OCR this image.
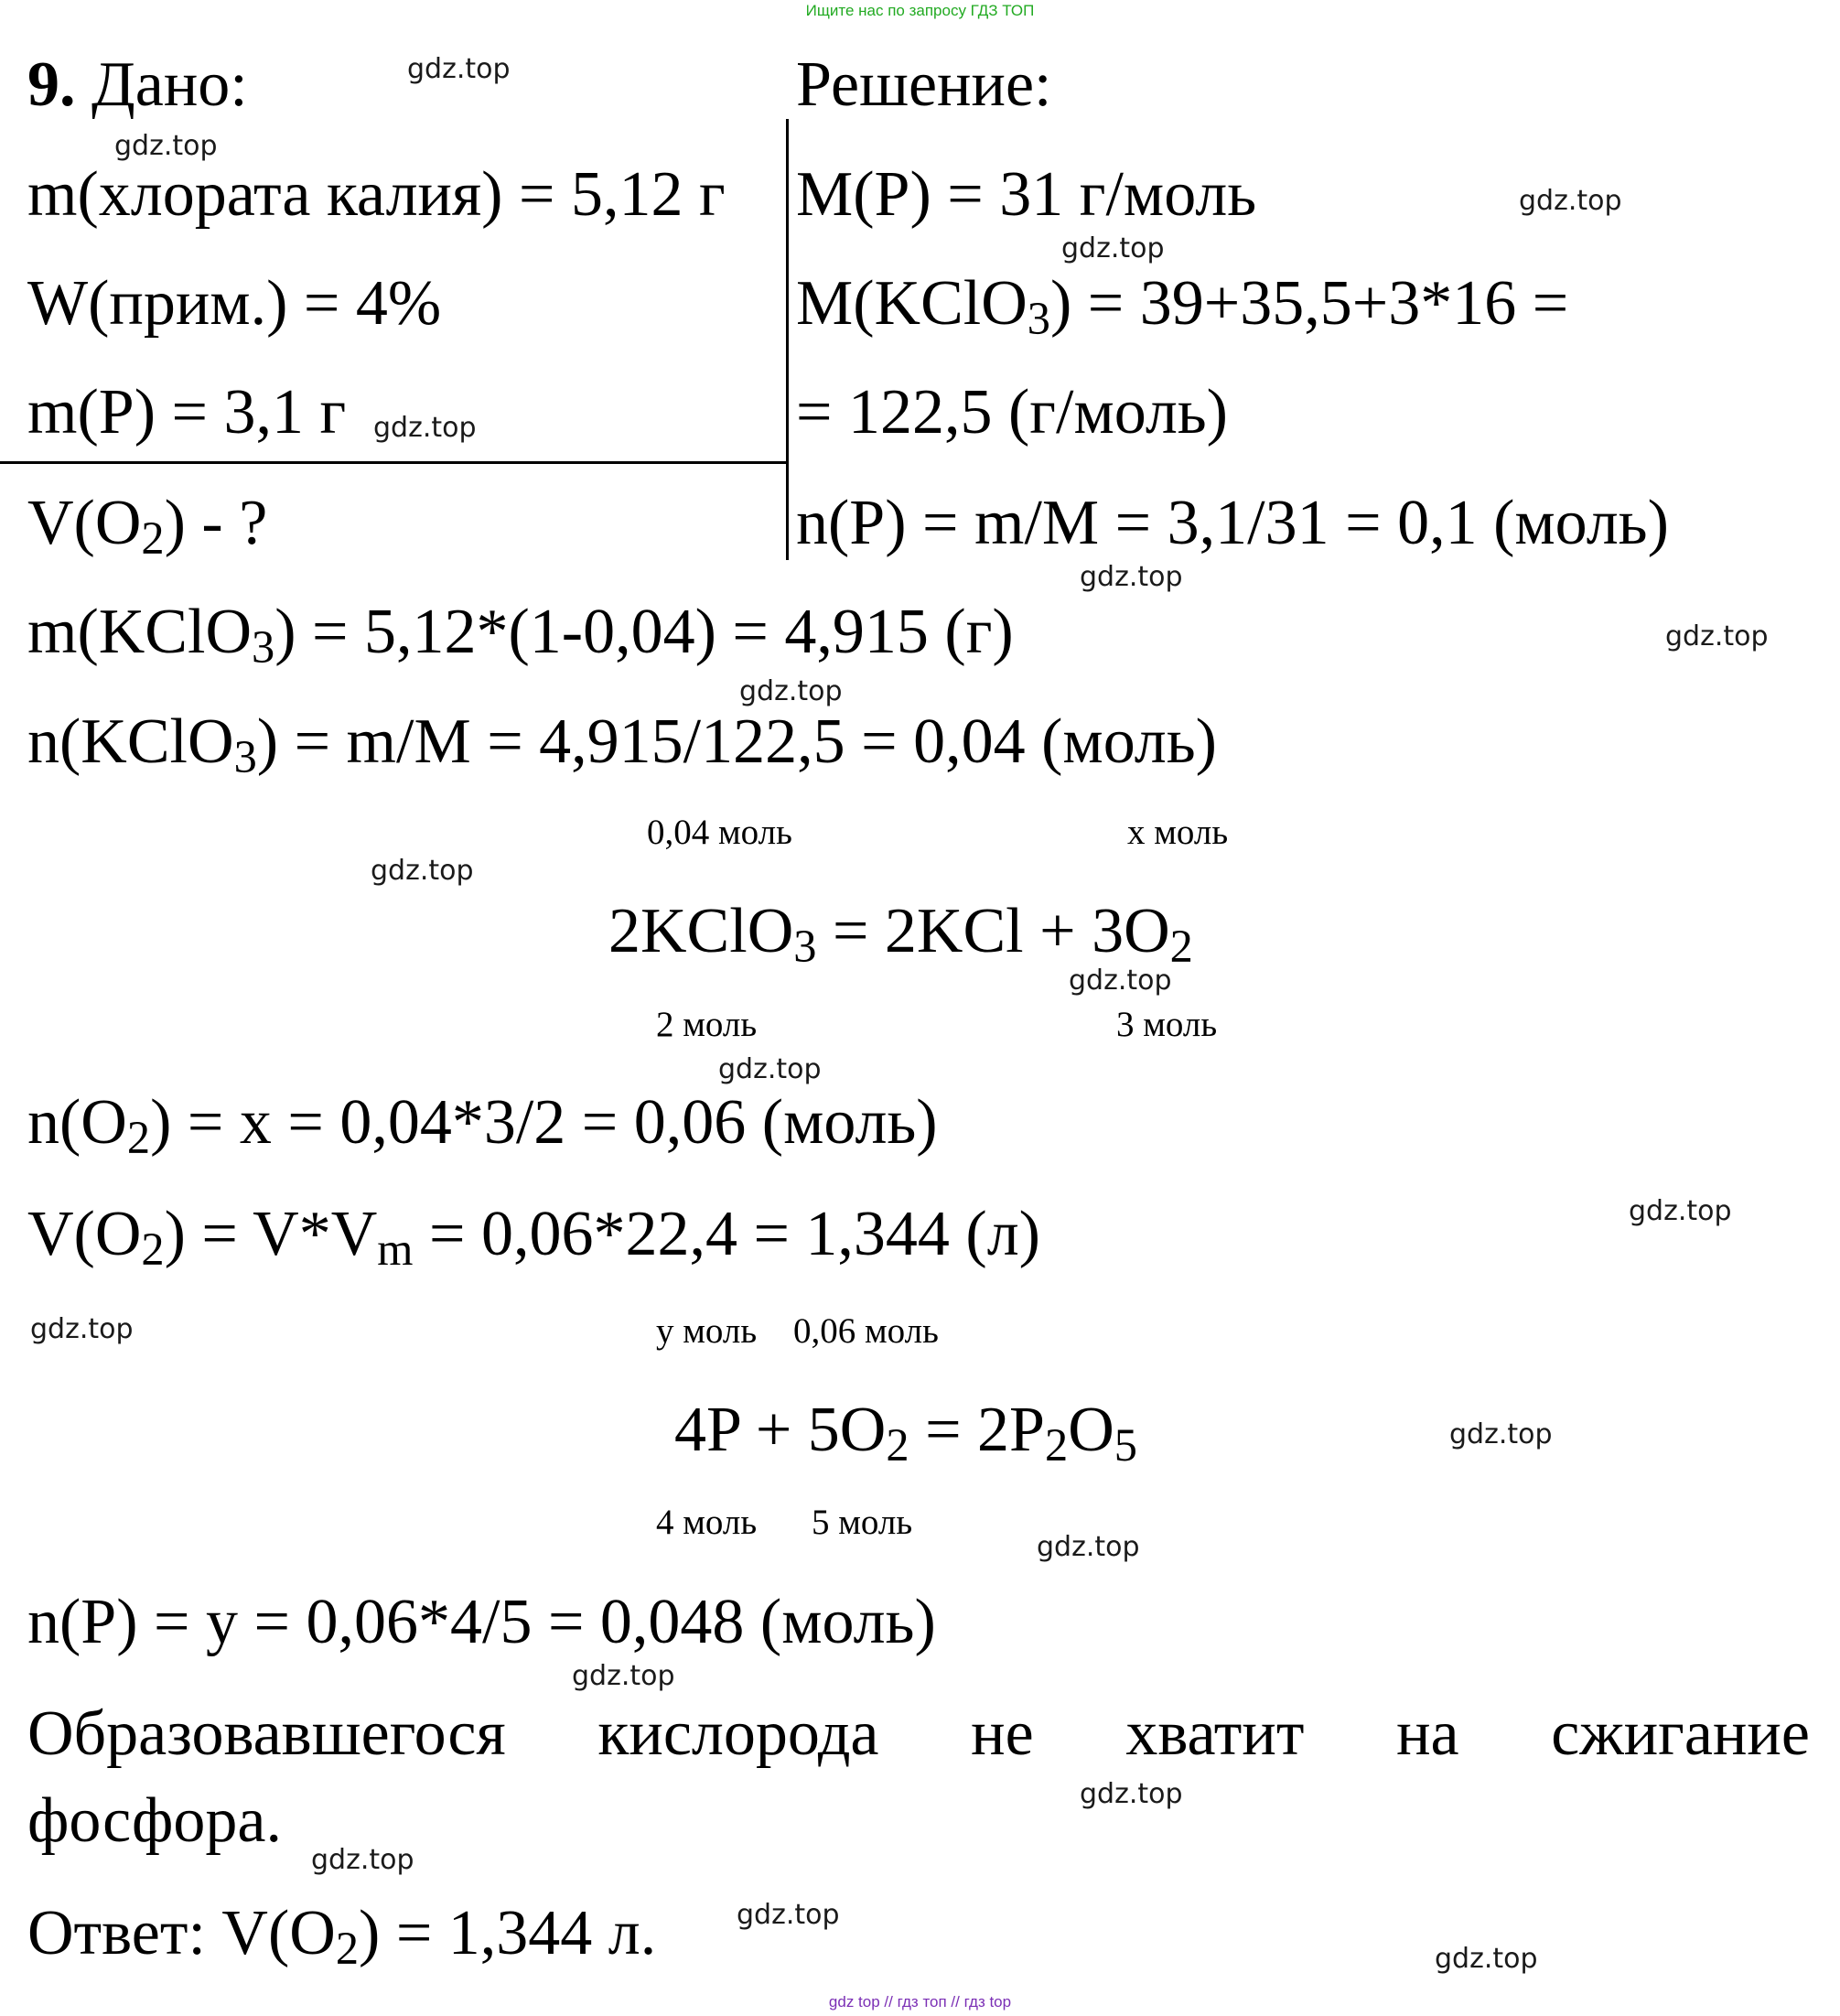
Ищите нас по запросу ГДЗ ТОП
9. Дано:	Решение:
m(хлората калия) = 5,12 г
W(прим.) = 4%
m(P) = 3,1 г
$V(O_2)$ - ?
M(P) = 31 г/моль
M(KClO$_3$) = 39+35,5+3*16 =
= 122,5 (г/моль)
n(P) = m/M = 3,1/31 = 0,1 (моль)
m(KClO$_3$) = 5,12*(1-0,04) = 4,915 (г)
n(KClO$_3$) = m/M = 4,915/122,5 = 0,04 (моль)
0,04 моль	x моль
2KClO$_3$ = $2KCl + 3O_2$
2 моль	3 моль
$n(O_2) = x = 0,04*3/2 = 0,06$ (моль)
$V(O_2) = V*V_m = 0,06*22,4 = 1,344$ (л)
y моль 0,06 моль
$4P + 5O_2 = 2P_2O_5$
4 моль 5 моль
n(P) = y = 0,06*4/5 = 0,048 (моль)
Образовавшегося кислорода не хватит на сжигание
фосфора.
Ответ: $V(O_2) = 1,344$ л.
gdz.top
gdz.top
gdz.top
gdz.top
gdz.top
gdz.top
gdz.top
gdz.top
gdz.top
gdz.top
gdz.top
gdz.top
gdz.top
gdz.top
gdz.top
gdz.top
gdz.top
gdz.top
gdz.top
gdz.top
gdz top // гдз топ // гдз top
